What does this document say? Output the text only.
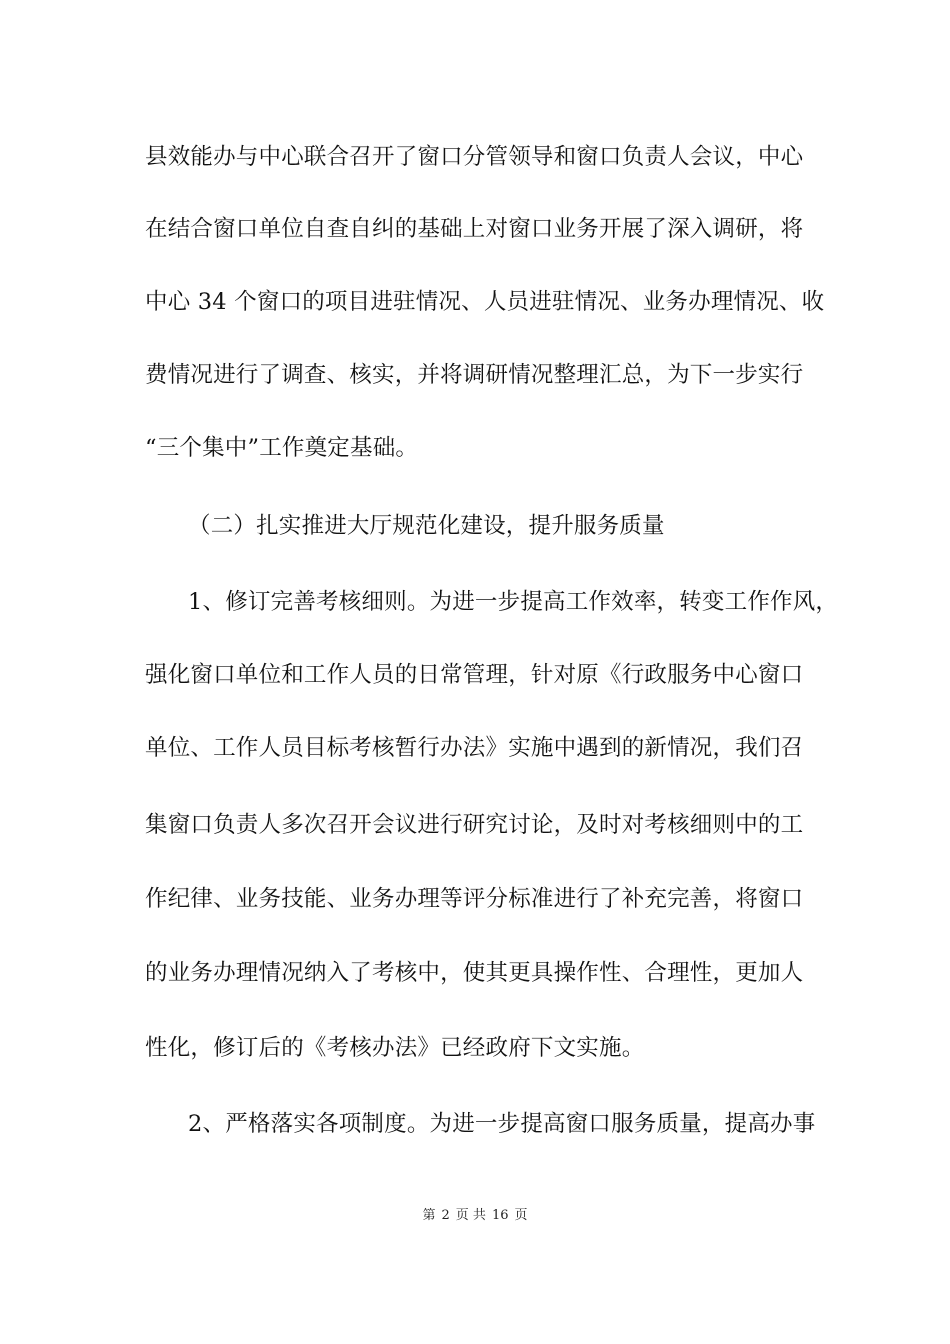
县效能办与中心联合召开了窗口分管领导和窗口负责人会议，中心
在结合窗口单位自查自纠的基础上对窗口业务开展了深入调研，将
中心 34 个窗口的项目进驻情况、人员进驻情况、业务办理情况、收
费情况进行了调查、核实，并将调研情况整理汇总，为下一步实行
“三个集中”工作奠定基础。
（二）扎实推进大厅规范化建设，提升服务质量
1、修订完善考核细则。为进一步提高工作效率，转变工作作风，
强化窗口单位和工作人员的日常管理，针对原《行政服务中心窗口
单位、工作人员目标考核暂行办法》实施中遇到的新情况，我们召
集窗口负责人多次召开会议进行研究讨论，及时对考核细则中的工
作纪律、业务技能、业务办理等评分标准进行了补充完善，将窗口
的业务办理情况纳入了考核中，使其更具操作性、合理性，更加人
性化，修订后的《考核办法》已经政府下文实施。
2、严格落实各项制度。为进一步提高窗口服务质量，提高办事
第 2 页 共 16 页
